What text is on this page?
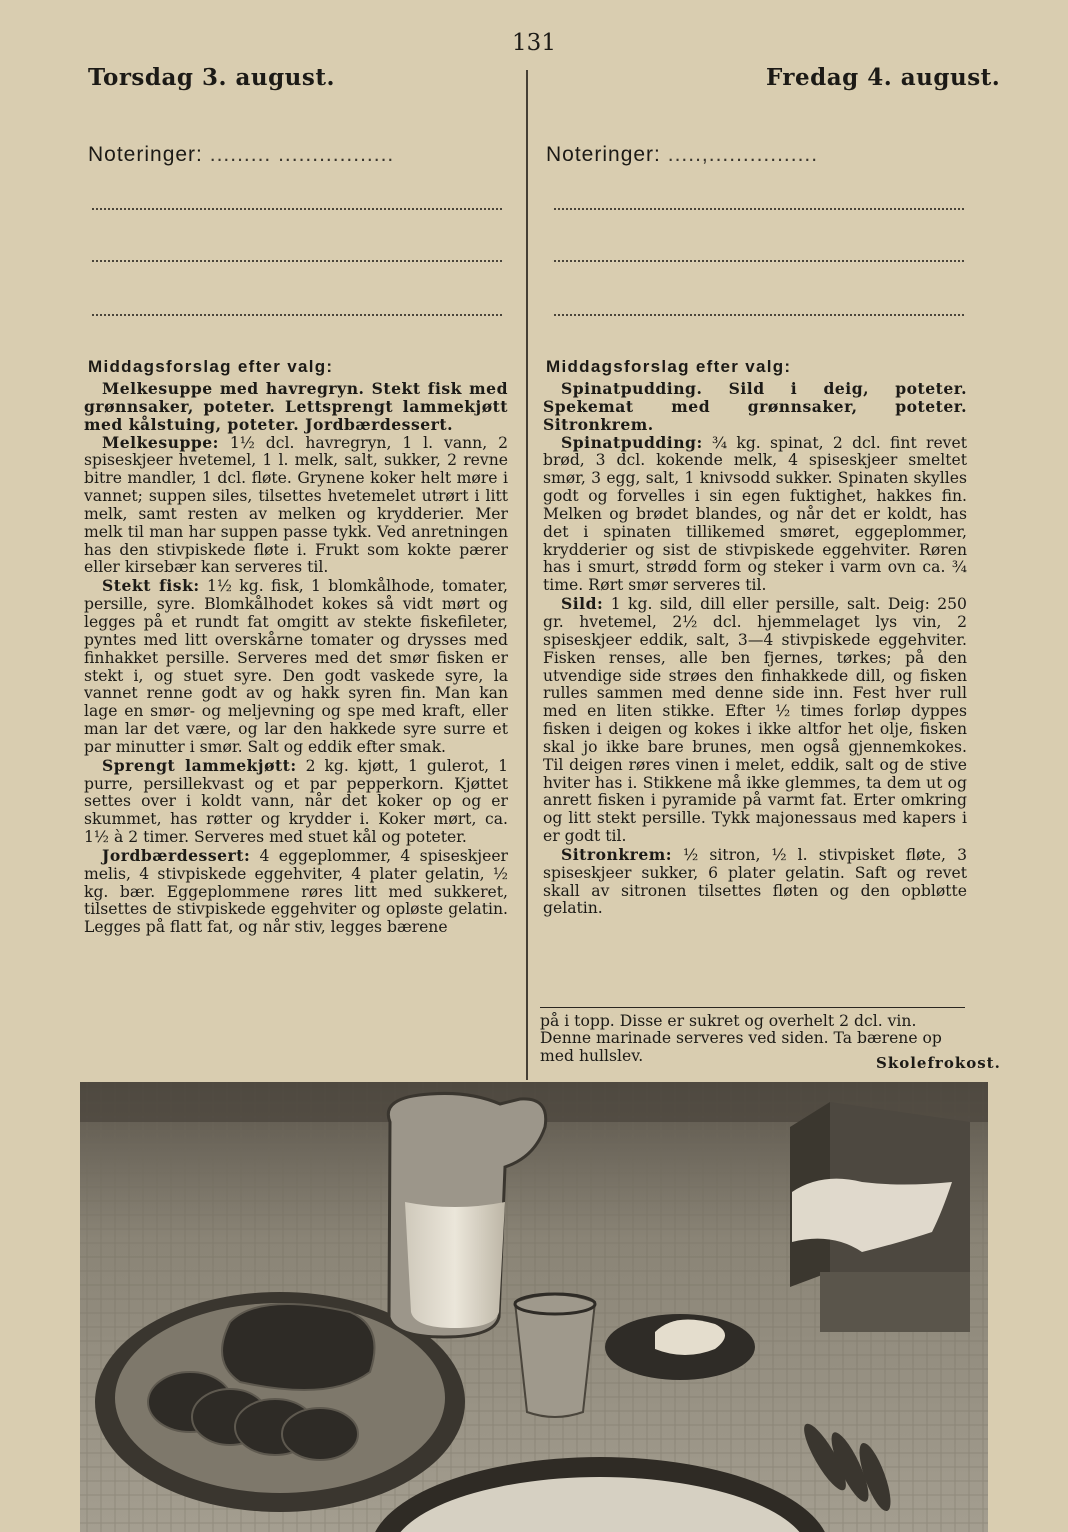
131
Torsdag 3. august.	Fredag 4. august.
Noteringer: ......... .................	Noteringer: .....,................
Middagsforslag efter valg:	Middagsforslag efter valg:

Melkesuppe med havregryn. Stekt fisk med grønnsaker, poteter. Lettsprengt lammekjøtt med kålstuing, poteter. Jordbærdessert.

Melkesuppe: 1½ dcl. havregryn, 1 l. vann, 2 spiseskjeer hvetemel, 1 l. melk, salt, sukker, 2 revne bitre mandler, 1 dcl. fløte. Grynene koker helt møre i vannet; suppen siles, tilsettes hvetemelet utrørt i litt melk, samt resten av melken og krydderier. Mer melk til man har suppen passe tykk. Ved anretningen has den stivpiskede fløte i. Frukt som kokte pærer eller kirsebær kan serveres til.

Stekt fisk: 1½ kg. fisk, 1 blomkålhode, tomater, persille, syre. Blomkålhodet kokes så vidt mørt og legges på et rundt fat omgitt av stekte fiskefileter, pyntes med litt overskårne tomater og drysses med finhakket persille. Serveres med det smør fisken er stekt i, og stuet syre. Den godt vaskede syre, la vannet renne godt av og hakk syren fin. Man kan lage en smør- og meljevning og spe med kraft, eller man lar det være, og lar den hakkede syre surre et par minutter i smør. Salt og eddik efter smak.

Sprengt lammekjøtt: 2 kg. kjøtt, 1 gulerot, 1 purre, persillekvast og et par pepperkorn. Kjøttet settes over i koldt vann, når det koker op og er skummet, has røtter og krydder i. Koker mørt, ca. 1½ à 2 timer. Serveres med stuet kål og poteter.

Jordbærdessert: 4 eggeplommer, 4 spiseskjeer melis, 4 stivpiskede eggehviter, 4 plater gelatin, ½ kg. bær. Eggeplommene røres litt med sukkeret, tilsettes de stivpiskede eggehviter og opløste gelatin. Legges på flatt fat, og når stiv, legges bærene

Spinatpudding. Sild i deig, poteter. Spekemat med grønnsaker, poteter. Sitronkrem.

Spinatpudding: ¾ kg. spinat, 2 dcl. fint revet brød, 3 dcl. kokende melk, 4 spiseskjeer smeltet smør, 3 egg, salt, 1 knivsodd sukker. Spinaten skylles godt og forvelles i sin egen fuktighet, hakkes fin. Melken og brødet blandes, og når det er koldt, has det i spinaten tillikemed smøret, eggeplommer, krydderier og sist de stivpiskede eggehviter. Røren has i smurt, strødd form og steker i varm ovn ca. ¾ time. Rørt smør serveres til.

Sild: 1 kg. sild, dill eller persille, salt. Deig: 250 gr. hvetemel, 2½ dcl. hjemmelaget lys vin, 2 spiseskjeer eddik, salt, 3—4 stivpiskede eggehviter. Fisken renses, alle ben fjernes, tørkes; på den utvendige side strøes den finhakkede dill, og fisken rulles sammen med denne side inn. Fest hver rull med en liten stikke. Efter ½ times forløp dyppes fisken i deigen og kokes i ikke altfor het olje, fisken skal jo ikke bare brunes, men også gjennemkokes. Til deigen røres vinen i melet, eddik, salt og de stive hviter has i. Stikkene må ikke glemmes, ta dem ut og anrett fisken i pyramide på varmt fat. Erter omkring og litt stekt persille. Tykk majonessaus med kapers i er godt til.

Sitronkrem: ½ sitron, ½ l. stivpisket fløte, 3 spiseskjeer sukker, 6 plater gelatin. Saft og revet skall av sitronen tilsettes fløten og den opbløtte gelatin.

på i topp. Disse er sukret og overhelt 2 dcl. vin. Denne marinade serveres ved siden. Ta bærene op med hullslev.	Skolefrokost.
